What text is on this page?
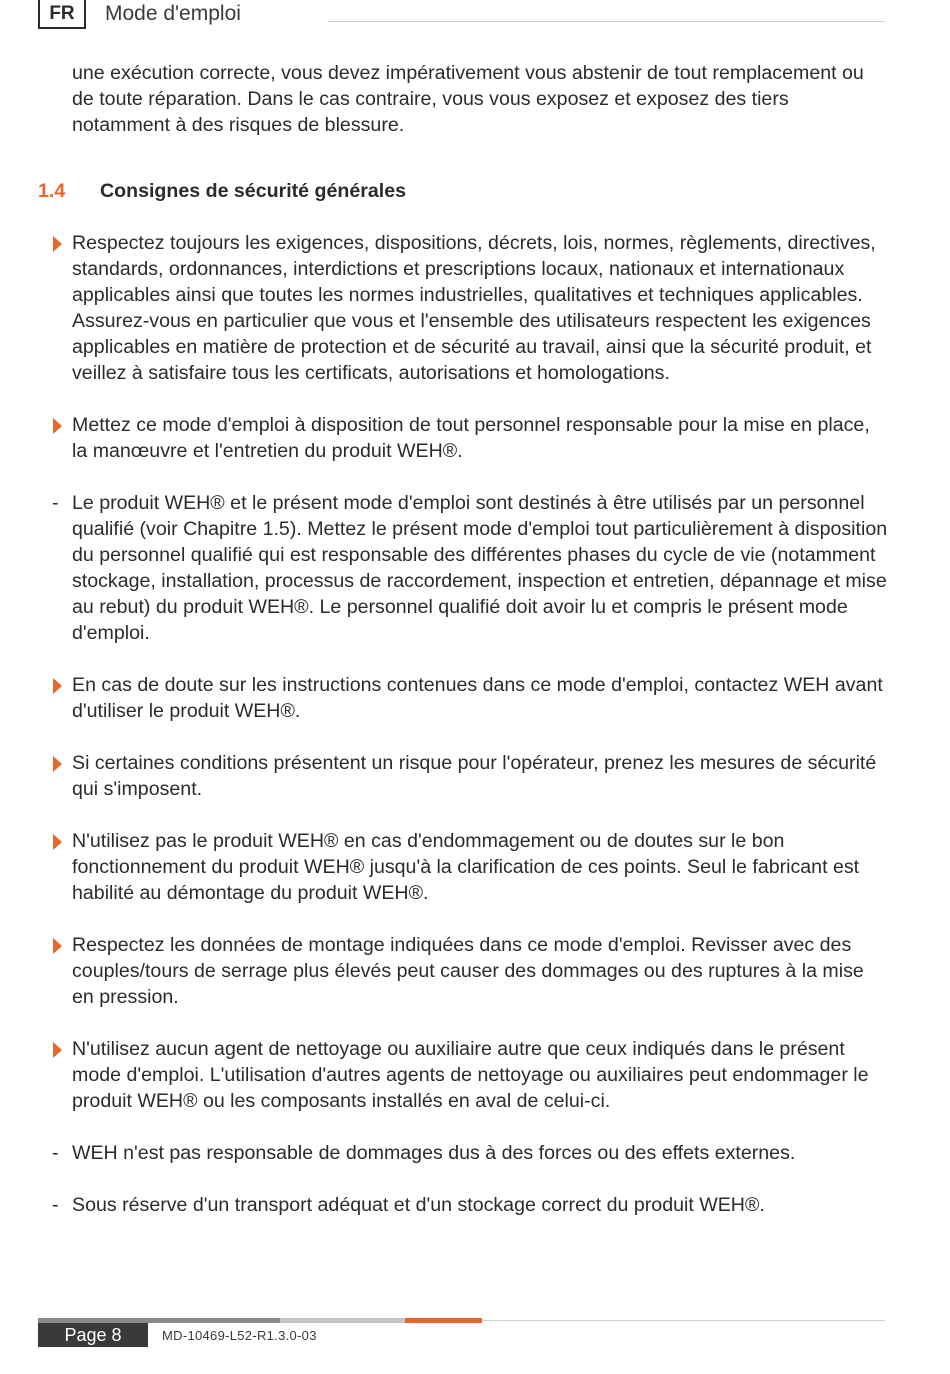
FR	Mode d'emploi

une exécution correcte, vous devez impérativement vous abstenir de tout remplacement ou de toute réparation. Dans le cas contraire, vous vous exposez et exposez des tiers notamment à des risques de blessure.

1.4 Consignes de sécurité générales

Respectez toujours les exigences, dispositions, décrets, lois, normes, règlements, directives, standards, ordonnances, interdictions et prescriptions locaux, nationaux et internationaux applicables ainsi que toutes les normes industrielles, qualitatives et techniques applicables. Assurez-vous en particulier que vous et l'ensemble des utilisateurs respectent les exigences applicables en matière de protection et de sécurité au travail, ainsi que la sécurité produit, et veillez à satisfaire tous les certificats, autorisations et homologations.

Mettez ce mode d'emploi à disposition de tout personnel responsable pour la mise en place, la manœuvre et l'entretien du produit WEH®.

- Le produit WEH® et le présent mode d'emploi sont destinés à être utilisés par un personnel qualifié (voir Chapitre 1.5). Mettez le présent mode d'emploi tout particulièrement à disposition du personnel qualifié qui est responsable des différentes phases du cycle de vie (notamment stockage, installation, processus de raccordement, inspection et entretien, dépannage et mise au rebut) du produit WEH®. Le personnel qualifié doit avoir lu et compris le présent mode d'emploi.

En cas de doute sur les instructions contenues dans ce mode d'emploi, contactez WEH avant d'utiliser le produit WEH®.

Si certaines conditions présentent un risque pour l'opérateur, prenez les mesures de sécurité qui s'imposent.

N'utilisez pas le produit WEH® en cas d'endommagement ou de doutes sur le bon fonctionnement du produit WEH® jusqu'à la clarification de ces points. Seul le fabricant est habilité au démontage du produit WEH®.

Respectez les données de montage indiquées dans ce mode d'emploi. Revisser avec des couples/tours de serrage plus élevés peut causer des dommages ou des ruptures à la mise en pression.

N'utilisez aucun agent de nettoyage ou auxiliaire autre que ceux indiqués dans le présent mode d'emploi. L'utilisation d'autres agents de nettoyage ou auxiliaires peut endommager le produit WEH® ou les composants installés en aval de celui-ci.

- WEH n'est pas responsable de dommages dus à des forces ou des effets externes.

- Sous réserve d'un transport adéquat et d'un stockage correct du produit WEH®.

Page 8	MD-10469-L52-R1.3.0-03
